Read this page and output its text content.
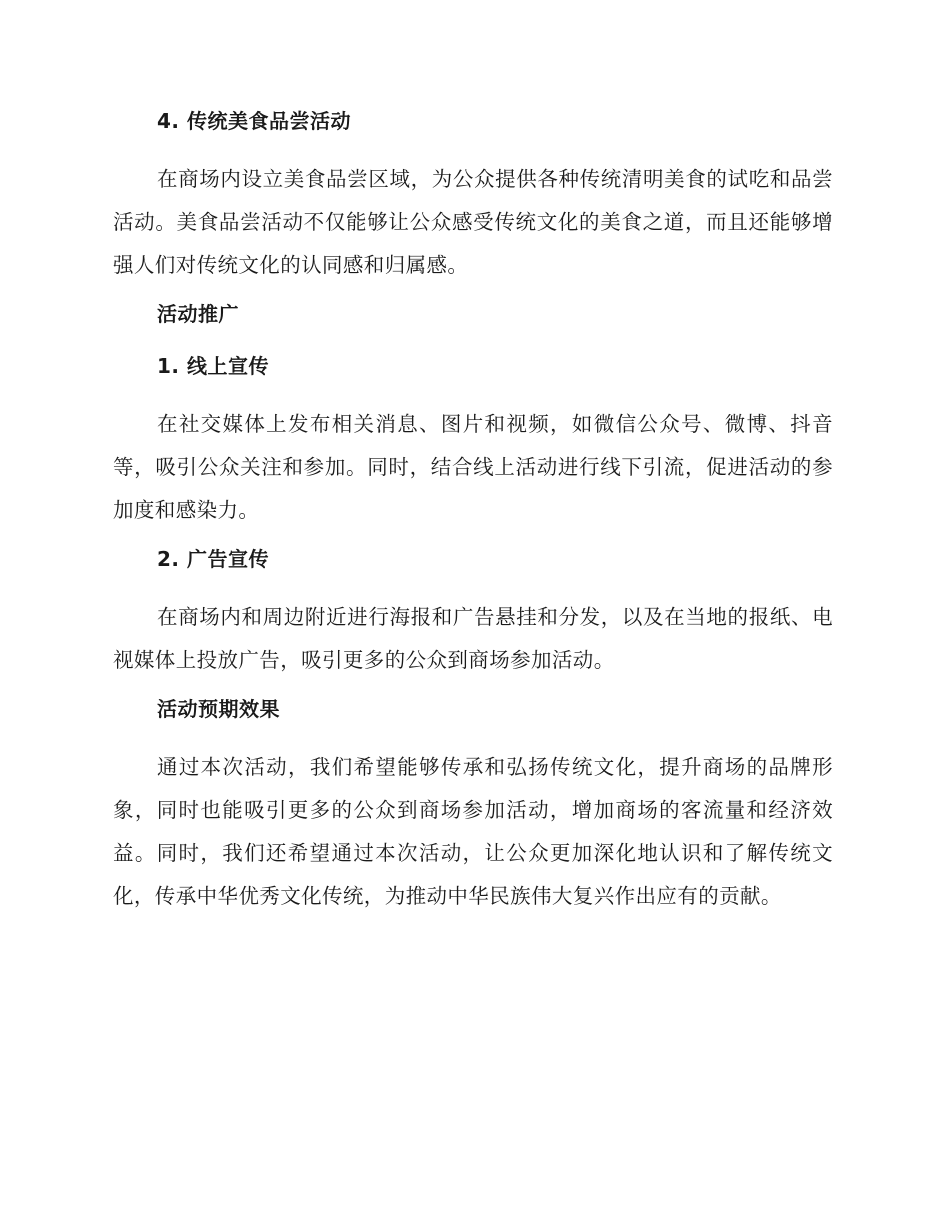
4. 传统美食品尝活动

在商场内设立美食品尝区域，为公众提供各种传统清明美食的试吃和品尝活动。美食品尝活动不仅能够让公众感受传统文化的美食之道，而且还能够增强人们对传统文化的认同感和归属感。

活动推广
1. 线上宣传

在社交媒体上发布相关消息、图片和视频，如微信公众号、微博、抖音等，吸引公众关注和参加。同时，结合线上活动进行线下引流，促进活动的参加度和感染力。

2. 广告宣传

在商场内和周边附近进行海报和广告悬挂和分发，以及在当地的报纸、电视媒体上投放广告，吸引更多的公众到商场参加活动。

活动预期效果

通过本次活动，我们希望能够传承和弘扬传统文化，提升商场的品牌形象，同时也能吸引更多的公众到商场参加活动，增加商场的客流量和经济效益。同时，我们还希望通过本次活动，让公众更加深化地认识和了解传统文化，传承中华优秀文化传统，为推动中华民族伟大复兴作出应有的贡献。
